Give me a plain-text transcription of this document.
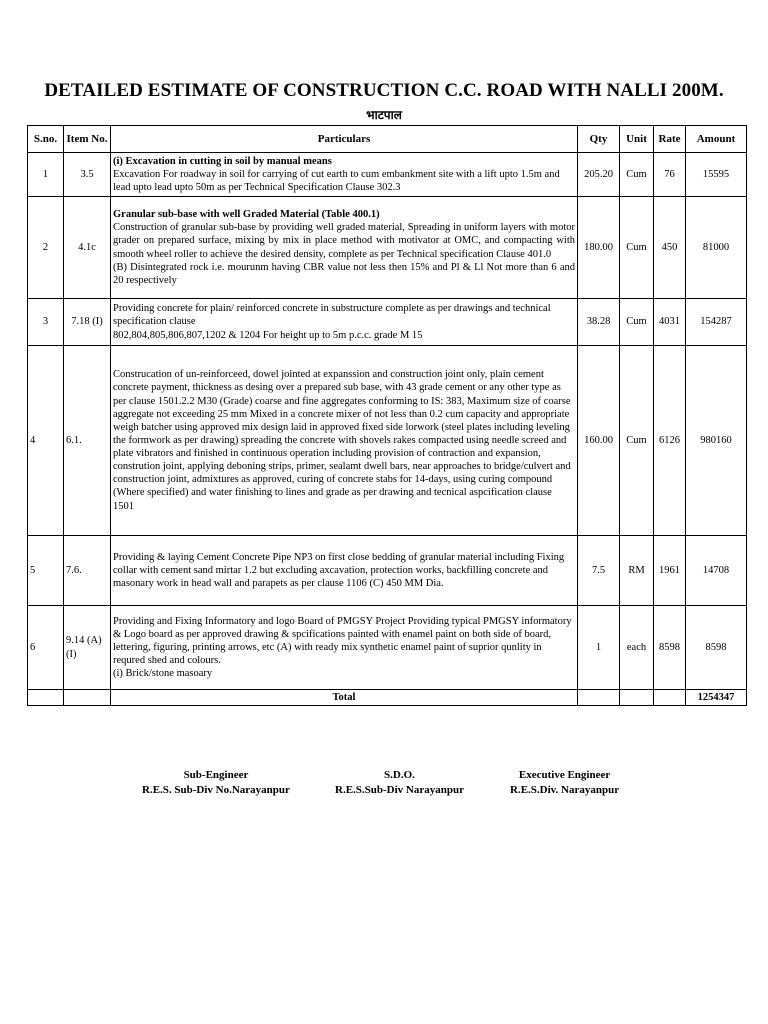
DETAILED ESTIMATE OF CONSTRUCTION C.C. ROAD WITH NALLI 200M.
भाटपाल
S.no.	Item No.	Particulars	Qty	Unit	Rate	Amount
1	3.5	(i) Excavation in cutting in soil by manual means
Excavation For roadway in soil for carrying of cut earth to cum embankment site with a lift upto 1.5m and lead upto lead upto 50m as per Technical Specification Clause 302.3	205.20	Cum	76	15595
2	4.1c	Granular sub-base with well Graded Material (Table 400.1)
Construction of granular sub-base by providing well graded material, Spreading in uniform layers with motor grader on prepared surface, mixing by mix in place method with motivator at OMC, and compacting with smooth wheel roller to achieve the desired density, complete as per Technical specification Clause 401.0
(B) Disintegrated rock i.e. mourunm having CBR value not less then 15% and Pl & Ll Not more than 6 and 20 respectively	180.00	Cum	450	81000
3	7.18 (I)	Providing concrete for plain/ reinforced concrete in substructure complete as per drawings and technical specification clause
802,804,805,806,807,1202 & 1204 For height up to 5m p.c.c. grade M 15	38.28	Cum	4031	154287
4	6.1.	Construcation of un-reinforceed, dowel jointed at expanssion and construction joint only, plain cement concrete payment, thickness as desing over a prepared sub base, with 43 grade cement or any other type as per clause 1501.2.2 M30 (Grade) coarse and fine aggregates conforming to IS: 383, Maximum size of coarse aggregate not exceeding 25 mm Mixed in a concrete mixer of not less than 0.2 cum capacity and appropriate weigh batcher using approved mix design laid in approved fixed side lorwork (steel plates including leveling the formwork as per drawing) spreading the concrete with shovels rakes compacted using needle screed and plate vibrators and finished in continuous operation including provision of contraction and expansion, constrution joint, applying deboning strips, primer, sealamt dwell bars, near approaches to bridge/culvert and construction joint, admixtures as approved, curing of concrete stabs for 14-days, using curing compound (Where specified) and water finishing to lines and grade as per drawing and tecnical aspcification clause 1501	160.00	Cum	6126	980160
5	7.6.	Providing & laying Cement Concrete Pipe NP3 on first close bedding of granular material including Fixing collar with cement sand mirtar 1.2 but excluding axcavation, protection works, backfilling concrete and masonary work in head wall and parapets as per clause 1106 (C) 450 MM Dia.	7.5	RM	1961	14708
6	9.14 (A) (I)	Providing and Fixing Informatory and logo Board of PMGSY Project Providing typical PMGSY informatory & Logo board as per approved drawing & spcifications painted with enamel paint on both side of board, lettering, figuring, printing arrows, etc (A) with ready mix synthetic enamel paint of suprior qunlity in requred shed and colours.
(i) Brick/stone masoary	1	each	8598	8598
		Total				1254347
Sub-Engineer
R.E.S. Sub-Div No.Narayanpur
S.D.O.
R.E.S.Sub-Div Narayanpur
Executive Engineer
R.E.S.Div. Narayanpur
